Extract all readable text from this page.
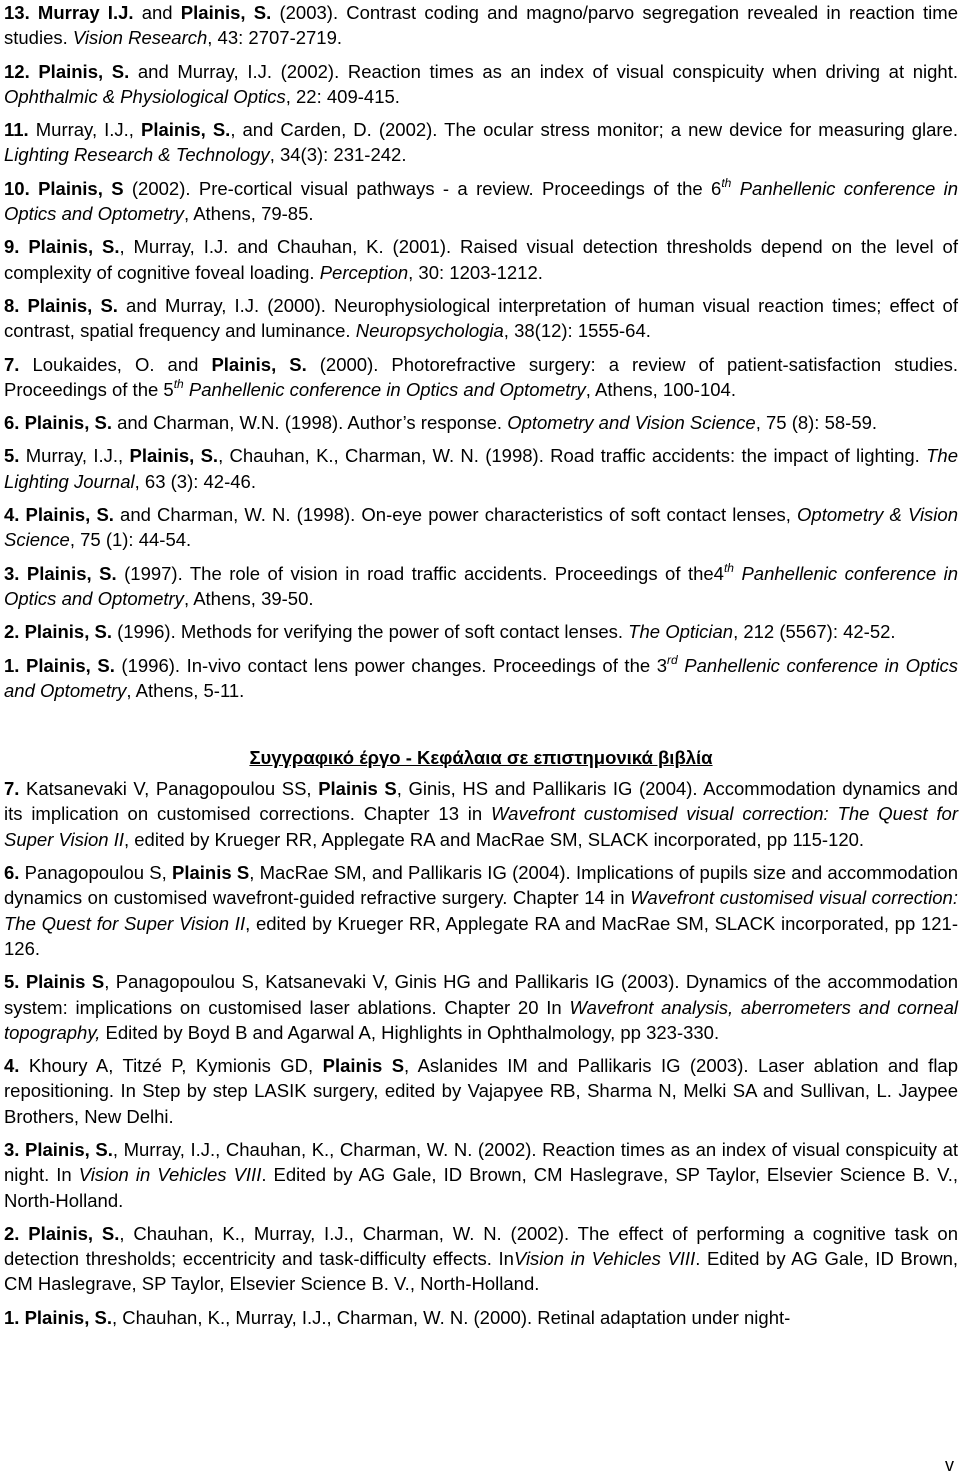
13. Murray I.J. and Plainis, S. (2003). Contrast coding and magno/parvo segregation revealed in reaction time studies. Vision Research, 43: 2707-2719.
12. Plainis, S. and Murray, I.J. (2002). Reaction times as an index of visual conspicuity when driving at night. Ophthalmic & Physiological Optics, 22: 409-415.
11. Murray, I.J., Plainis, S., and Carden, D. (2002). The ocular stress monitor; a new device for measuring glare. Lighting Research & Technology, 34(3): 231-242.
10. Plainis, S (2002). Pre-cortical visual pathways - a review. Proceedings of the 6th Panhellenic conference in Optics and Optometry, Athens, 79-85.
9. Plainis, S., Murray, I.J. and Chauhan, K. (2001). Raised visual detection thresholds depend on the level of complexity of cognitive foveal loading. Perception, 30: 1203-1212.
8. Plainis, S. and Murray, I.J. (2000). Neurophysiological interpretation of human visual reaction times; effect of contrast, spatial frequency and luminance. Neuropsychologia, 38(12): 1555-64.
7. Loukaides, O. and Plainis, S. (2000). Photorefractive surgery: a review of patient-satisfaction studies. Proceedings of the 5th Panhellenic conference in Optics and Optometry, Athens, 100-104.
6. Plainis, S. and Charman, W.N. (1998). Author’s response. Optometry and Vision Science, 75 (8): 58-59.
5. Murray, I.J., Plainis, S., Chauhan, K., Charman, W. N. (1998). Road traffic accidents: the impact of lighting. The Lighting Journal, 63 (3): 42-46.
4. Plainis, S. and Charman, W. N. (1998). On-eye power characteristics of soft contact lenses, Optometry & Vision Science, 75 (1): 44-54.
3. Plainis, S. (1997). The role of vision in road traffic accidents. Proceedings of the4th Panhellenic conference in Optics and Optometry, Athens, 39-50.
2. Plainis, S. (1996). Methods for verifying the power of soft contact lenses. The Optician, 212 (5567): 42-52.
1. Plainis, S. (1996). In-vivo contact lens power changes. Proceedings of the 3rd Panhellenic conference in Optics and Optometry, Athens, 5-11.
Συγγραφικό έργο - Κεφάλαια σε επιστημονικά βιβλία
7. Katsanevaki V, Panagopoulou SS, Plainis S, Ginis, HS and Pallikaris IG (2004). Accommodation dynamics and its implication on customised corrections. Chapter 13 in Wavefront customised visual correction: The Quest for Super Vision II, edited by Krueger RR, Applegate RA and MacRae SM, SLACK incorporated, pp 115-120.
6. Panagopoulou S, Plainis S, MacRae SM, and Pallikaris IG (2004). Implications of pupils size and accommodation dynamics on customised wavefront-guided refractive surgery. Chapter 14 in Wavefront customised visual correction: The Quest for Super Vision II, edited by Krueger RR, Applegate RA and MacRae SM, SLACK incorporated, pp 121-126.
5. Plainis S, Panagopoulou S, Katsanevaki V, Ginis HG and Pallikaris IG (2003). Dynamics of the accommodation system: implications on customised laser ablations. Chapter 20 In Wavefront analysis, aberrometers and corneal topography, Edited by Boyd B and Agarwal A, Highlights in Ophthalmology, pp 323-330.
4. Khoury A, Titzé P, Kymionis GD, Plainis S, Aslanides IM and Pallikaris IG (2003). Laser ablation and flap repositioning. In Step by step LASIK surgery, edited by Vajapyee RB, Sharma N, Melki SA and Sullivan, L. Jaypee Brothers, New Delhi.
3. Plainis, S., Murray, I.J., Chauhan, K., Charman, W. N. (2002). Reaction times as an index of visual conspicuity at night. In Vision in Vehicles VIII. Edited by AG Gale, ID Brown, CM Haslegrave, SP Taylor, Elsevier Science B. V., North-Holland.
2. Plainis, S., Chauhan, K., Murray, I.J., Charman, W. N. (2002). The effect of performing a cognitive task on detection thresholds; eccentricity and task-difficulty effects. InVision in Vehicles VIII. Edited by AG Gale, ID Brown, CM Haslegrave, SP Taylor, Elsevier Science B. V., North-Holland.
1. Plainis, S., Chauhan, K., Murray, I.J., Charman, W. N. (2000). Retinal adaptation under night-
v
